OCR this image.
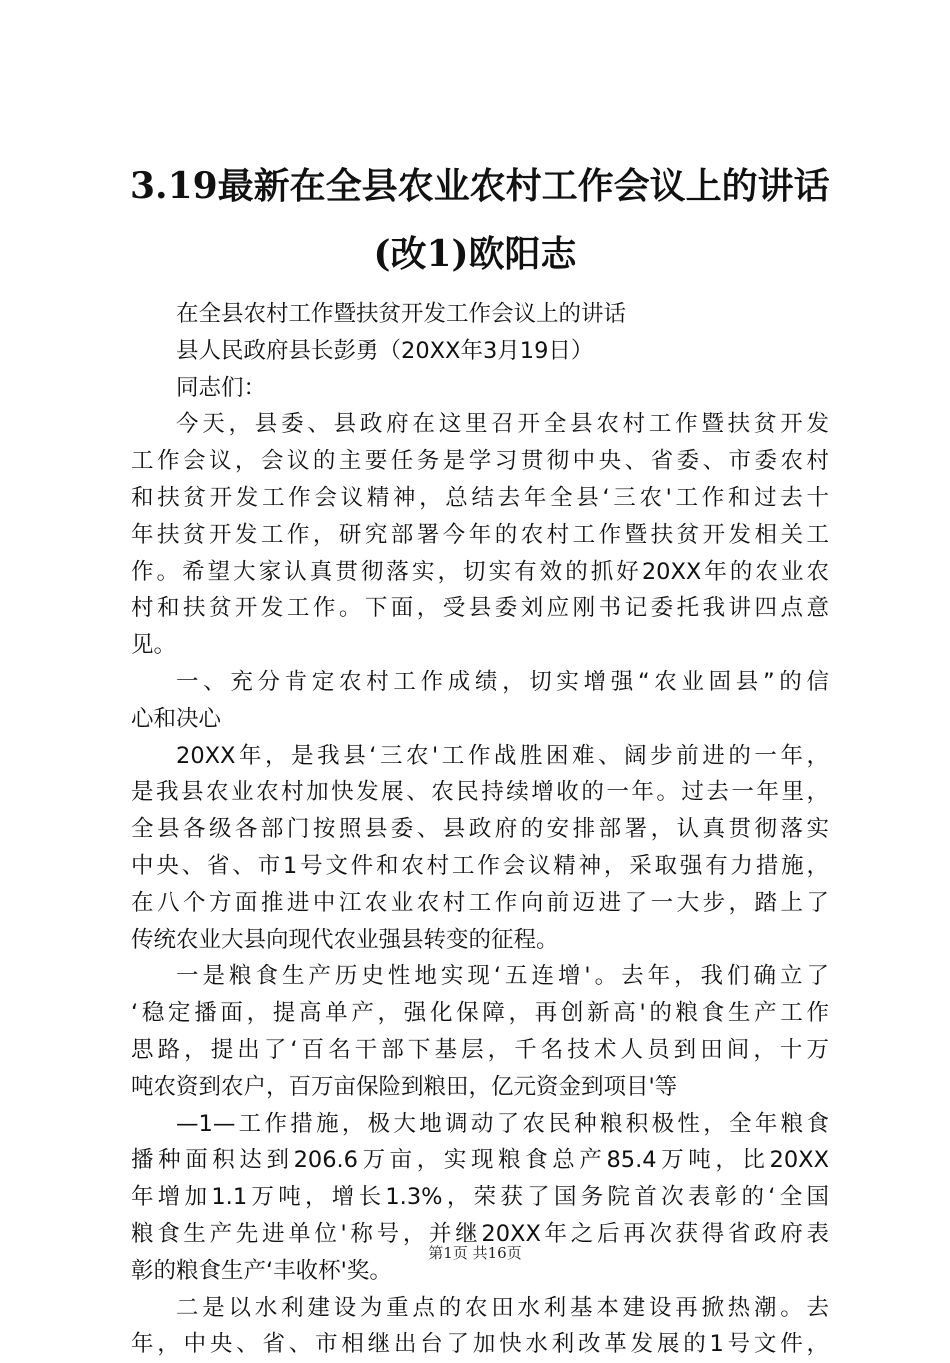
3.19最新在全县农业农村工作会议上的讲话
(改1)欧阳志
在全县农村工作暨扶贫开发工作会议上的讲话
县人民政府县长彭勇（20XX年3月19日）
同志们：
今天，县委、县政府在这里召开全县农村工作暨扶贫开发
工作会议，会议的主要任务是学习贯彻中央、省委、市委农村
和扶贫开发工作会议精神，总结去年全县‘三农'工作和过去十
年扶贫开发工作，研究部署今年的农村工作暨扶贫开发相关工
作。希望大家认真贯彻落实，切实有效的抓好20XX年的农业农
村和扶贫开发工作。下面，受县委刘应刚书记委托我讲四点意
见。
一、充分肯定农村工作成绩，切实增强“农业固县”的信
心和决心
20XX年，是我县‘三农'工作战胜困难、阔步前进的一年，
是我县农业农村加快发展、农民持续增收的一年。过去一年里，
全县各级各部门按照县委、县政府的安排部署，认真贯彻落实
中央、省、市1号文件和农村工作会议精神，采取强有力措施，
在八个方面推进中江农业农村工作向前迈进了一大步，踏上了
传统农业大县向现代农业强县转变的征程。
一是粮食生产历史性地实现‘五连增'。去年，我们确立了
‘稳定播面，提高单产，强化保障，再创新高'的粮食生产工作
思路，提出了‘百名干部下基层，千名技术人员到田间，十万
吨农资到农户，百万亩保险到粮田，亿元资金到项目'等
—1—工作措施，极大地调动了农民种粮积极性，全年粮食
播种面积达到206.6万亩，实现粮食总产85.4万吨，比20XX
年增加1.1万吨，增长1.3%，荣获了国务院首次表彰的‘全国
粮食生产先进单位'称号，并继20XX年之后再次获得省政府表
彰的粮食生产‘丰收杯'奖。
二是以水利建设为重点的农田水利基本建设再掀热潮。去
年，中央、省、市相继出台了加快水利改革发展的1号文件，
第1页 共16页
